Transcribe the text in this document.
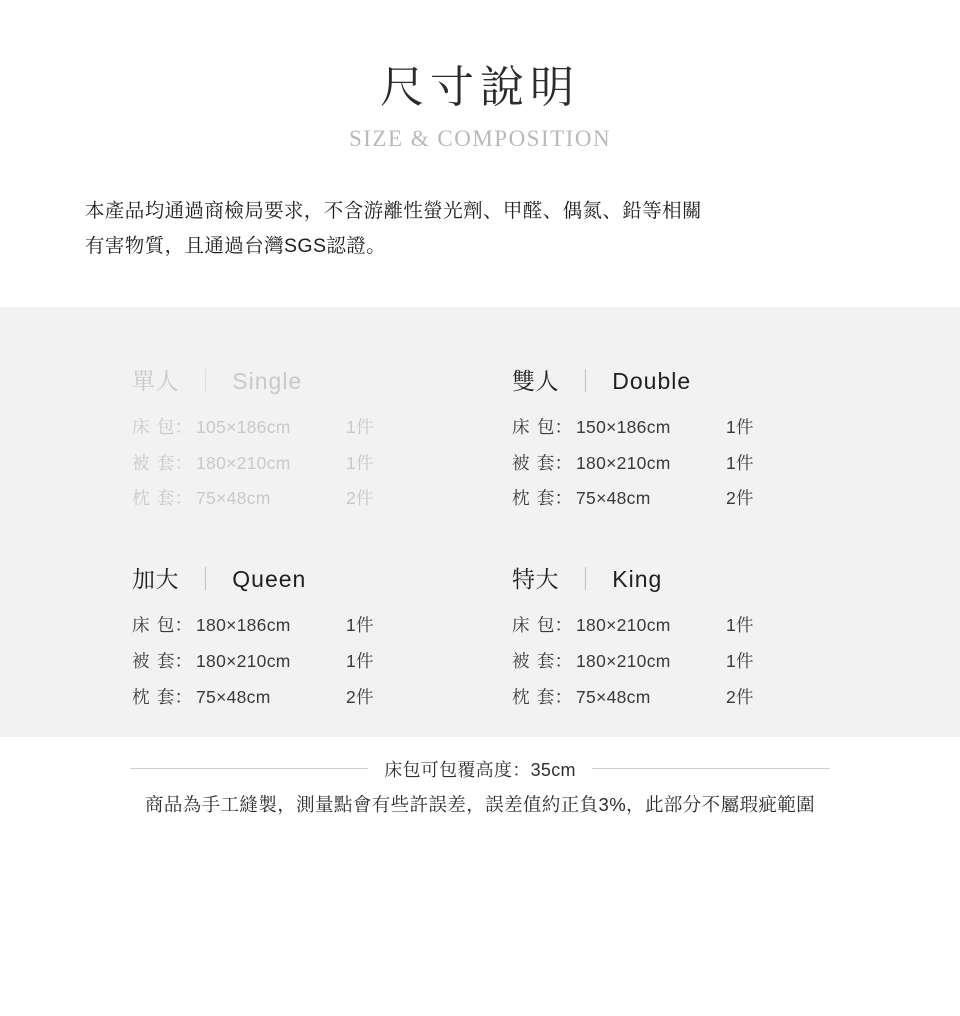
尺寸說明
SIZE & COMPOSITION

本產品均通過商檢局要求，不含游離性螢光劑、甲醛、偶氮、鉛等相關

有害物質，且通過台灣SGS認證。

單人 ｜ Single
床 包： 105×186cm	1件
被 套： 180×210cm	1件
枕 套： 75×48cm	2件
雙人 ｜ Double
床 包： 150×186cm	1件
被 套： 180×210cm	1件
枕 套： 75×48cm	2件
加大 ｜ Queen
床 包： 180×186cm	1件
被 套： 180×210cm	1件
枕 套： 75×48cm	2件
特大 ｜ King
床 包： 180×210cm	1件
被 套： 180×210cm	1件
枕 套： 75×48cm	2件
床包可包覆高度：35cm
商品為手工縫製，測量點會有些許誤差，誤差值約正負3%，此部分不屬瑕疵範圍
